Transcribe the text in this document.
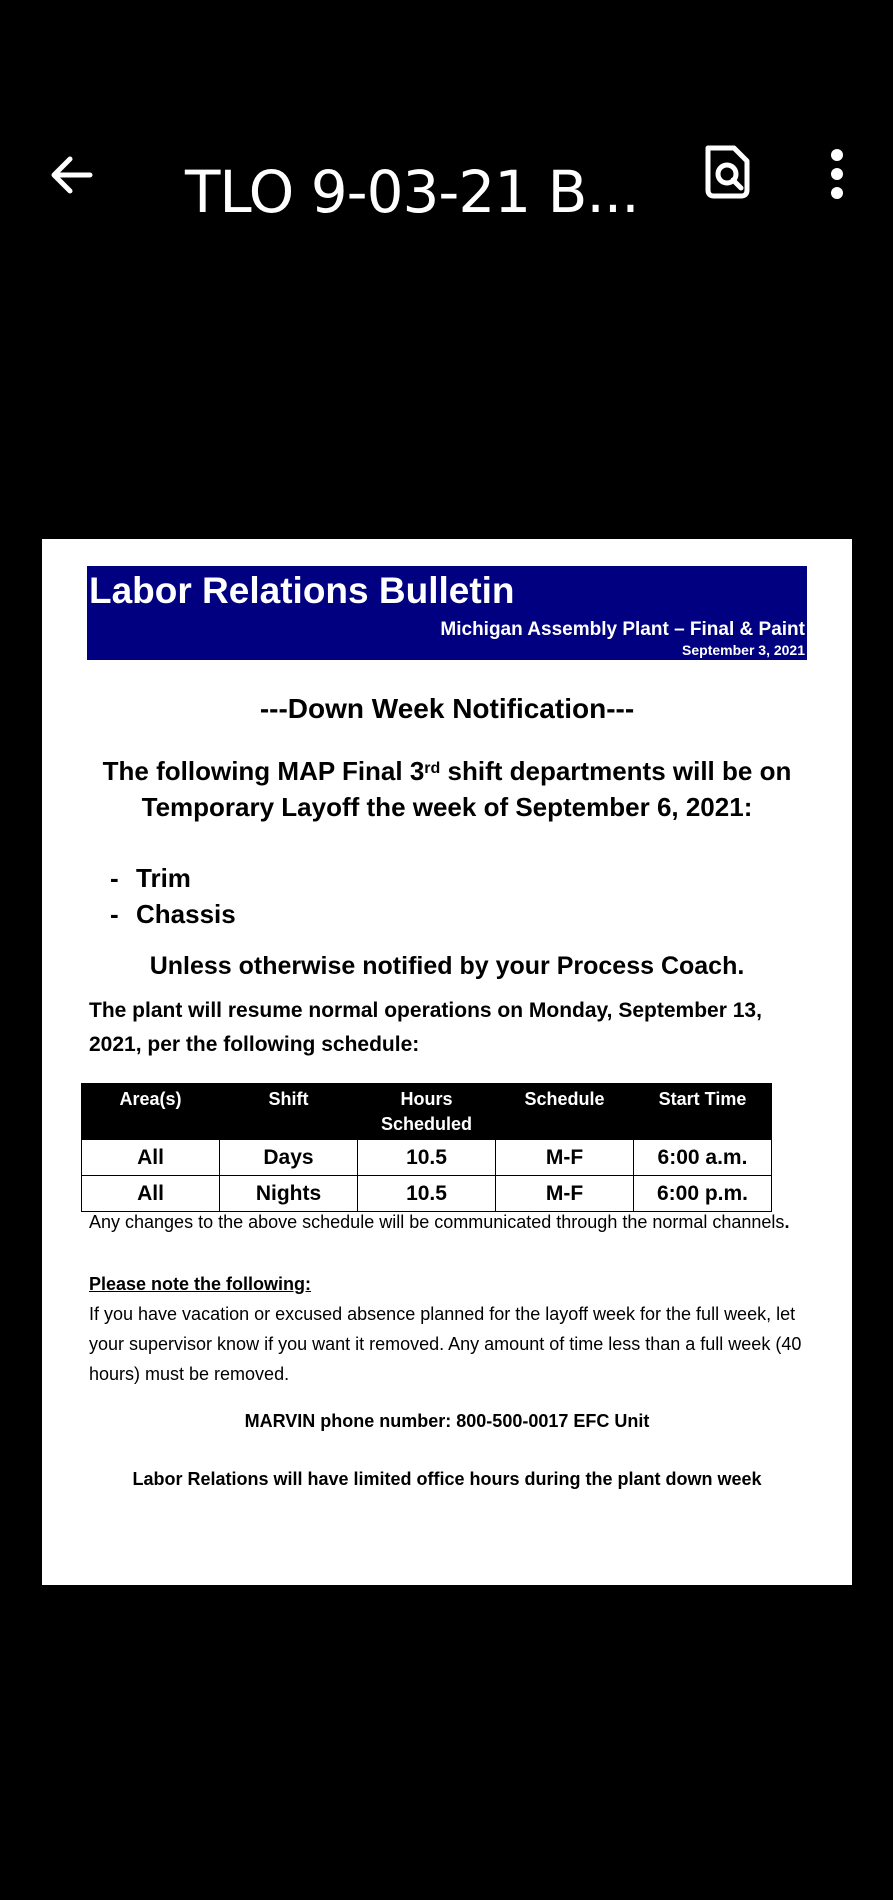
TLO 9-03-21 B...
Labor Relations Bulletin
Michigan Assembly Plant – Final & Paint
September 3, 2021
---Down Week Notification---
The following MAP Final 3rd shift departments will be on
Temporary Layoff the week of September 6, 2021:
- Trim
- Chassis
Unless otherwise notified by your Process Coach.
The plant will resume normal operations on Monday, September 13, 2021, per the following schedule:
Area(s)	Shift	Hours Scheduled	Schedule	Start Time
All	Days	10.5	M-F	6:00 a.m.
All	Nights	10.5	M-F	6:00 p.m.
Any changes to the above schedule will be communicated through the normal channels.
Please note the following:
If you have vacation or excused absence planned for the layoff week for the full week, let your supervisor know if you want it removed. Any amount of time less than a full week (40 hours) must be removed.
MARVIN phone number: 800-500-0017 EFC Unit
Labor Relations will have limited office hours during the plant down week
